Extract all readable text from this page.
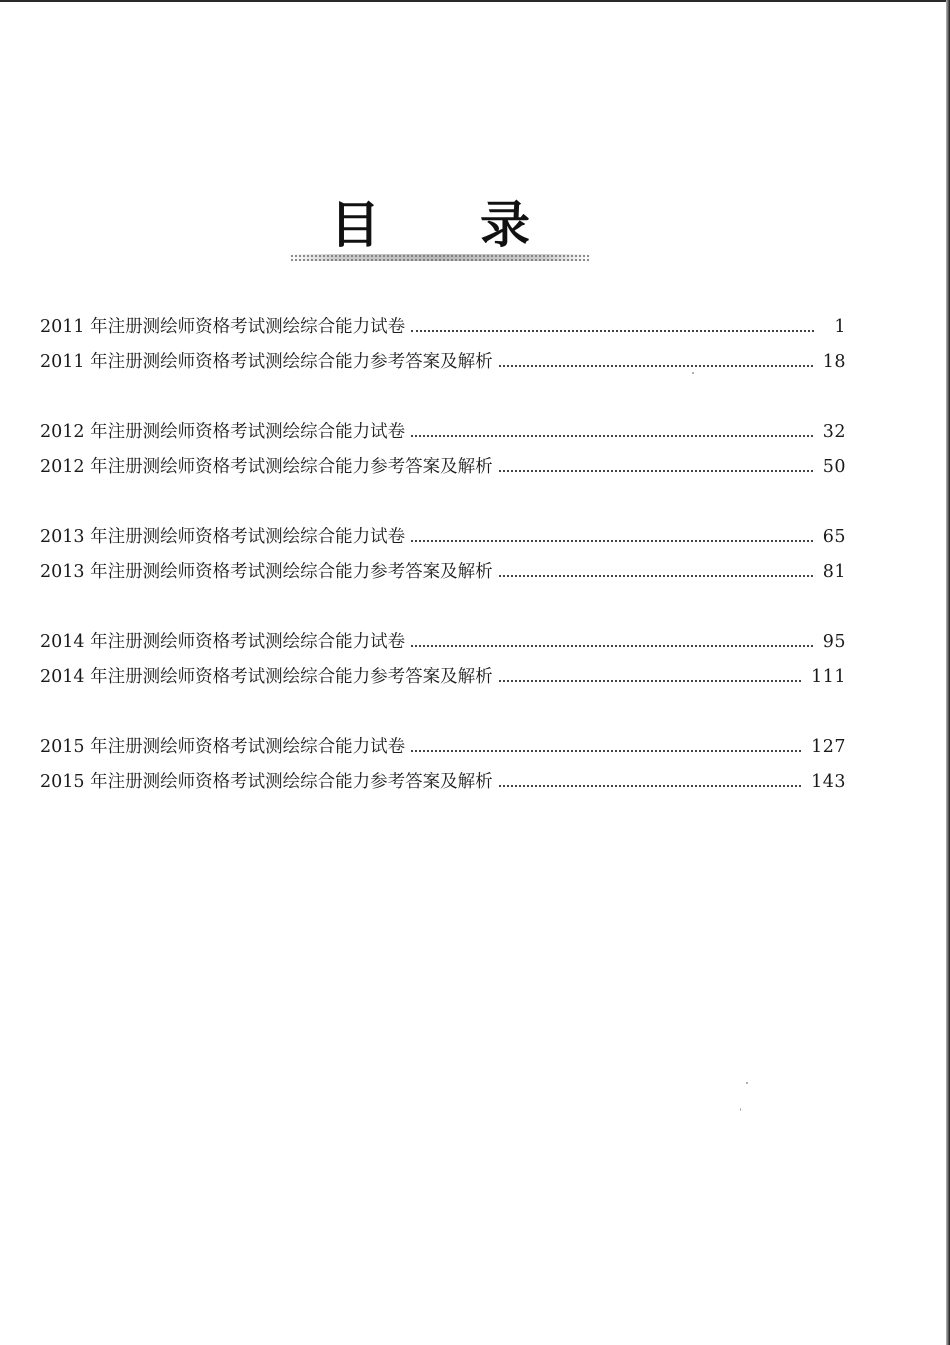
目 录
2011 年注册测绘师资格考试测绘综合能力试卷	1
2011 年注册测绘师资格考试测绘综合能力参考答案及解析	18
2012 年注册测绘师资格考试测绘综合能力试卷	32
2012 年注册测绘师资格考试测绘综合能力参考答案及解析	50
2013 年注册测绘师资格考试测绘综合能力试卷	65
2013 年注册测绘师资格考试测绘综合能力参考答案及解析	81
2014 年注册测绘师资格考试测绘综合能力试卷	95
2014 年注册测绘师资格考试测绘综合能力参考答案及解析	111
2015 年注册测绘师资格考试测绘综合能力试卷	127
2015 年注册测绘师资格考试测绘综合能力参考答案及解析	143
